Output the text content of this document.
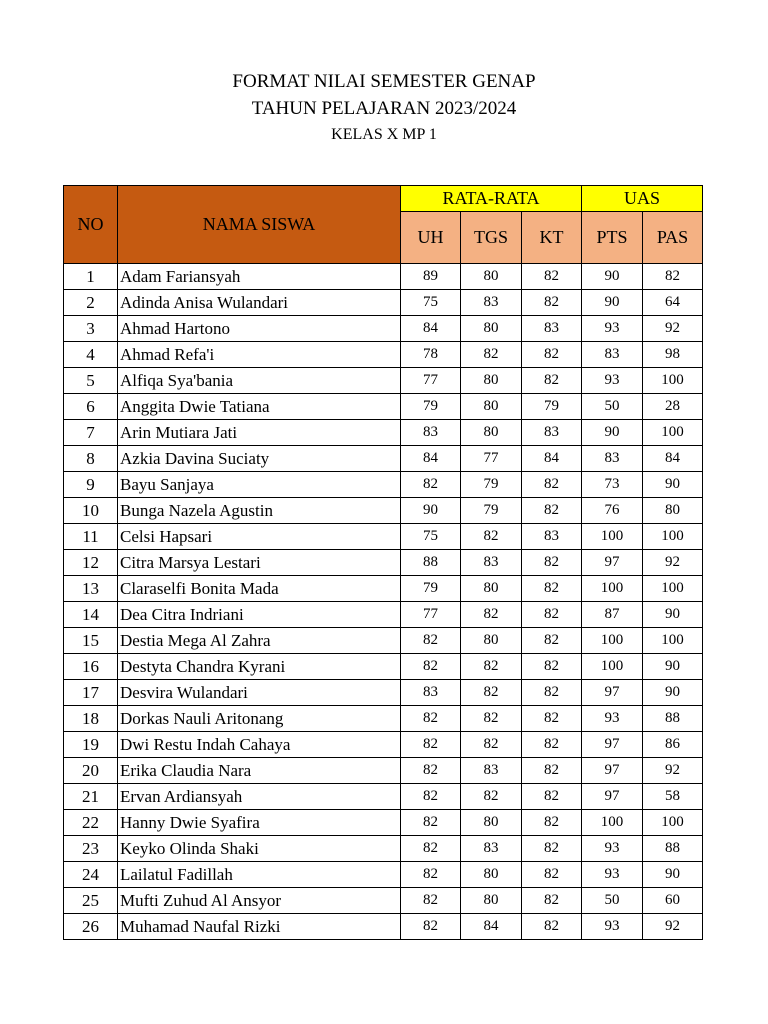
FORMAT NILAI SEMESTER GENAP
TAHUN PELAJARAN 2023/2024
KELAS X MP 1
NO	NAMA SISWA	RATA-RATA			UAS	
		UH	TGS	KT	PTS	PAS
1	Adam Fariansyah	89	80	82	90	82
2	Adinda Anisa Wulandari	75	83	82	90	64
3	Ahmad Hartono	84	80	83	93	92
4	Ahmad Refa'i	78	82	82	83	98
5	Alfiqa Sya'bania	77	80	82	93	100
6	Anggita Dwie Tatiana	79	80	79	50	28
7	Arin Mutiara Jati	83	80	83	90	100
8	Azkia Davina Suciaty	84	77	84	83	84
9	Bayu Sanjaya	82	79	82	73	90
10	Bunga Nazela Agustin	90	79	82	76	80
11	Celsi Hapsari	75	82	83	100	100
12	Citra Marsya Lestari	88	83	82	97	92
13	Claraselfi Bonita Mada	79	80	82	100	100
14	Dea Citra Indriani	77	82	82	87	90
15	Destia Mega Al Zahra	82	80	82	100	100
16	Destyta Chandra Kyrani	82	82	82	100	90
17	Desvira Wulandari	83	82	82	97	90
18	Dorkas Nauli Aritonang	82	82	82	93	88
19	Dwi Restu Indah Cahaya	82	82	82	97	86
20	Erika Claudia Nara	82	83	82	97	92
21	Ervan Ardiansyah	82	82	82	97	58
22	Hanny Dwie Syafira	82	80	82	100	100
23	Keyko Olinda Shaki	82	83	82	93	88
24	Lailatul Fadillah	82	80	82	93	90
25	Mufti Zuhud Al Ansyor	82	80	82	50	60
26	Muhamad Naufal Rizki	82	84	82	93	92
